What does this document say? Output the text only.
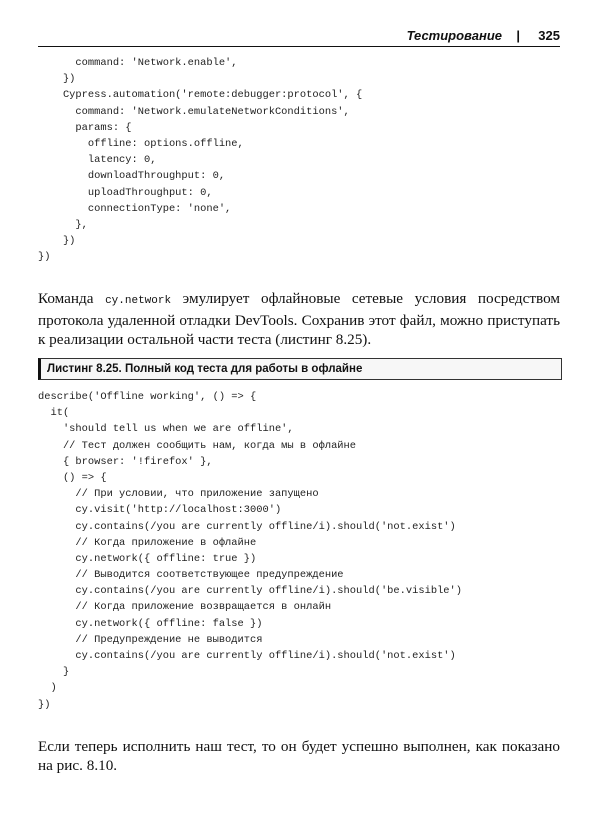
Тестирование | 325
command: 'Network.enable',
})
Cypress.automation('remote:debugger:protocol', {
command: 'Network.emulateNetworkConditions',
params: {
offline: options.offline,
latency: 0,
downloadThroughput: 0,
uploadThroughput: 0,
connectionType: 'none',
},
})
})

Команда cy.network эмулирует офлайновые сетевые условия посредством протокола удаленной отладки DevTools. Сохранив этот файл, можно приступать к реализации остальной части теста (листинг 8.25).

Листинг 8.25. Полный код теста для работы в офлайне
describe('Offline working', () => {
it(
'should tell us when we are offline',
// Тест должен сообщить нам, когда мы в офлайне
{ browser: '!firefox' },
() => {
// При условии, что приложение запущено
cy.visit('http://localhost:3000')
cy.contains(/you are currently offline/i).should('not.exist')
// Когда приложение в офлайне
cy.network({ offline: true })
// Выводится соответствующее предупреждение
cy.contains(/you are currently offline/i).should('be.visible')
// Когда приложение возвращается в онлайн
cy.network({ offline: false })
// Предупреждение не выводится
cy.contains(/you are currently offline/i).should('not.exist')
}
)
})

Если теперь исполнить наш тест, то он будет успешно выполнен, как показано на рис. 8.10.
